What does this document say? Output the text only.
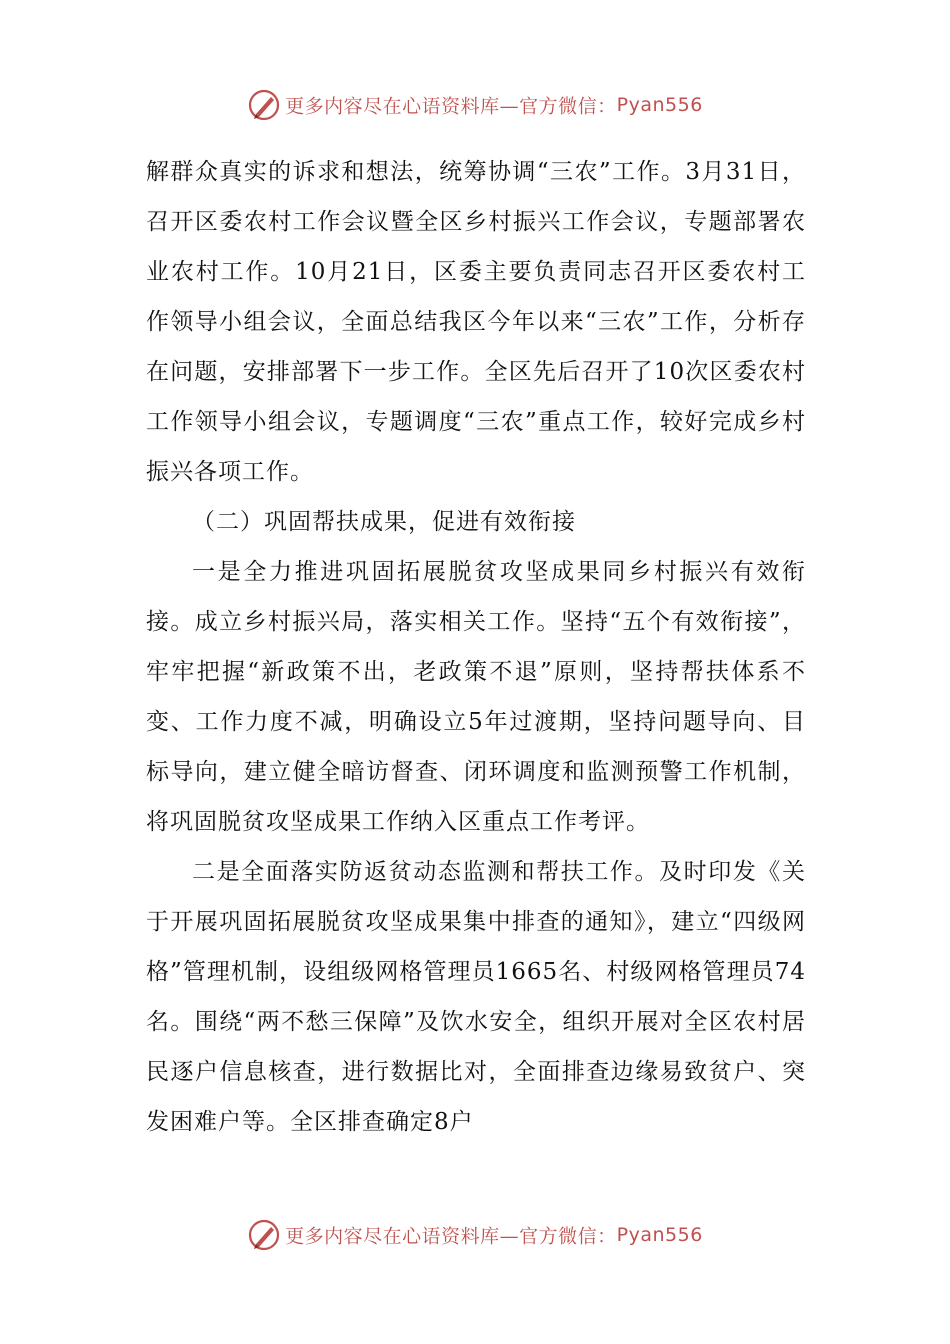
更多内容尽在心语资料库—官方微信：Pyan556

解群众真实的诉求和想法，统筹协调“三农”工作。3月31日，召开区委农村工作会议暨全区乡村振兴工作会议，专题部署农业农村工作。10月21日，区委主要负责同志召开区委农村工作领导小组会议，全面总结我区今年以来“三农”工作，分析存在问题，安排部署下一步工作。全区先后召开了10次区委农村工作领导小组会议，专题调度“三农”重点工作，较好完成乡村振兴各项工作。

（二）巩固帮扶成果，促进有效衔接

一是全力推进巩固拓展脱贫攻坚成果同乡村振兴有效衔接。成立乡村振兴局，落实相关工作。坚持“五个有效衔接”，牢牢把握“新政策不出，老政策不退”原则，坚持帮扶体系不变、工作力度不减，明确设立5年过渡期，坚持问题导向、目标导向，建立健全暗访督查、闭环调度和监测预警工作机制，将巩固脱贫攻坚成果工作纳入区重点工作考评。

二是全面落实防返贫动态监测和帮扶工作。及时印发《关于开展巩固拓展脱贫攻坚成果集中排查的通知》，建立“四级网格”管理机制，设组级网格管理员1665名、村级网格管理员74名。围绕“两不愁三保障”及饮水安全，组织开展对全区农村居民逐户信息核查，进行数据比对，全面排查边缘易致贫户、突发困难户等。全区排查确定8户

更多内容尽在心语资料库—官方微信：Pyan556
